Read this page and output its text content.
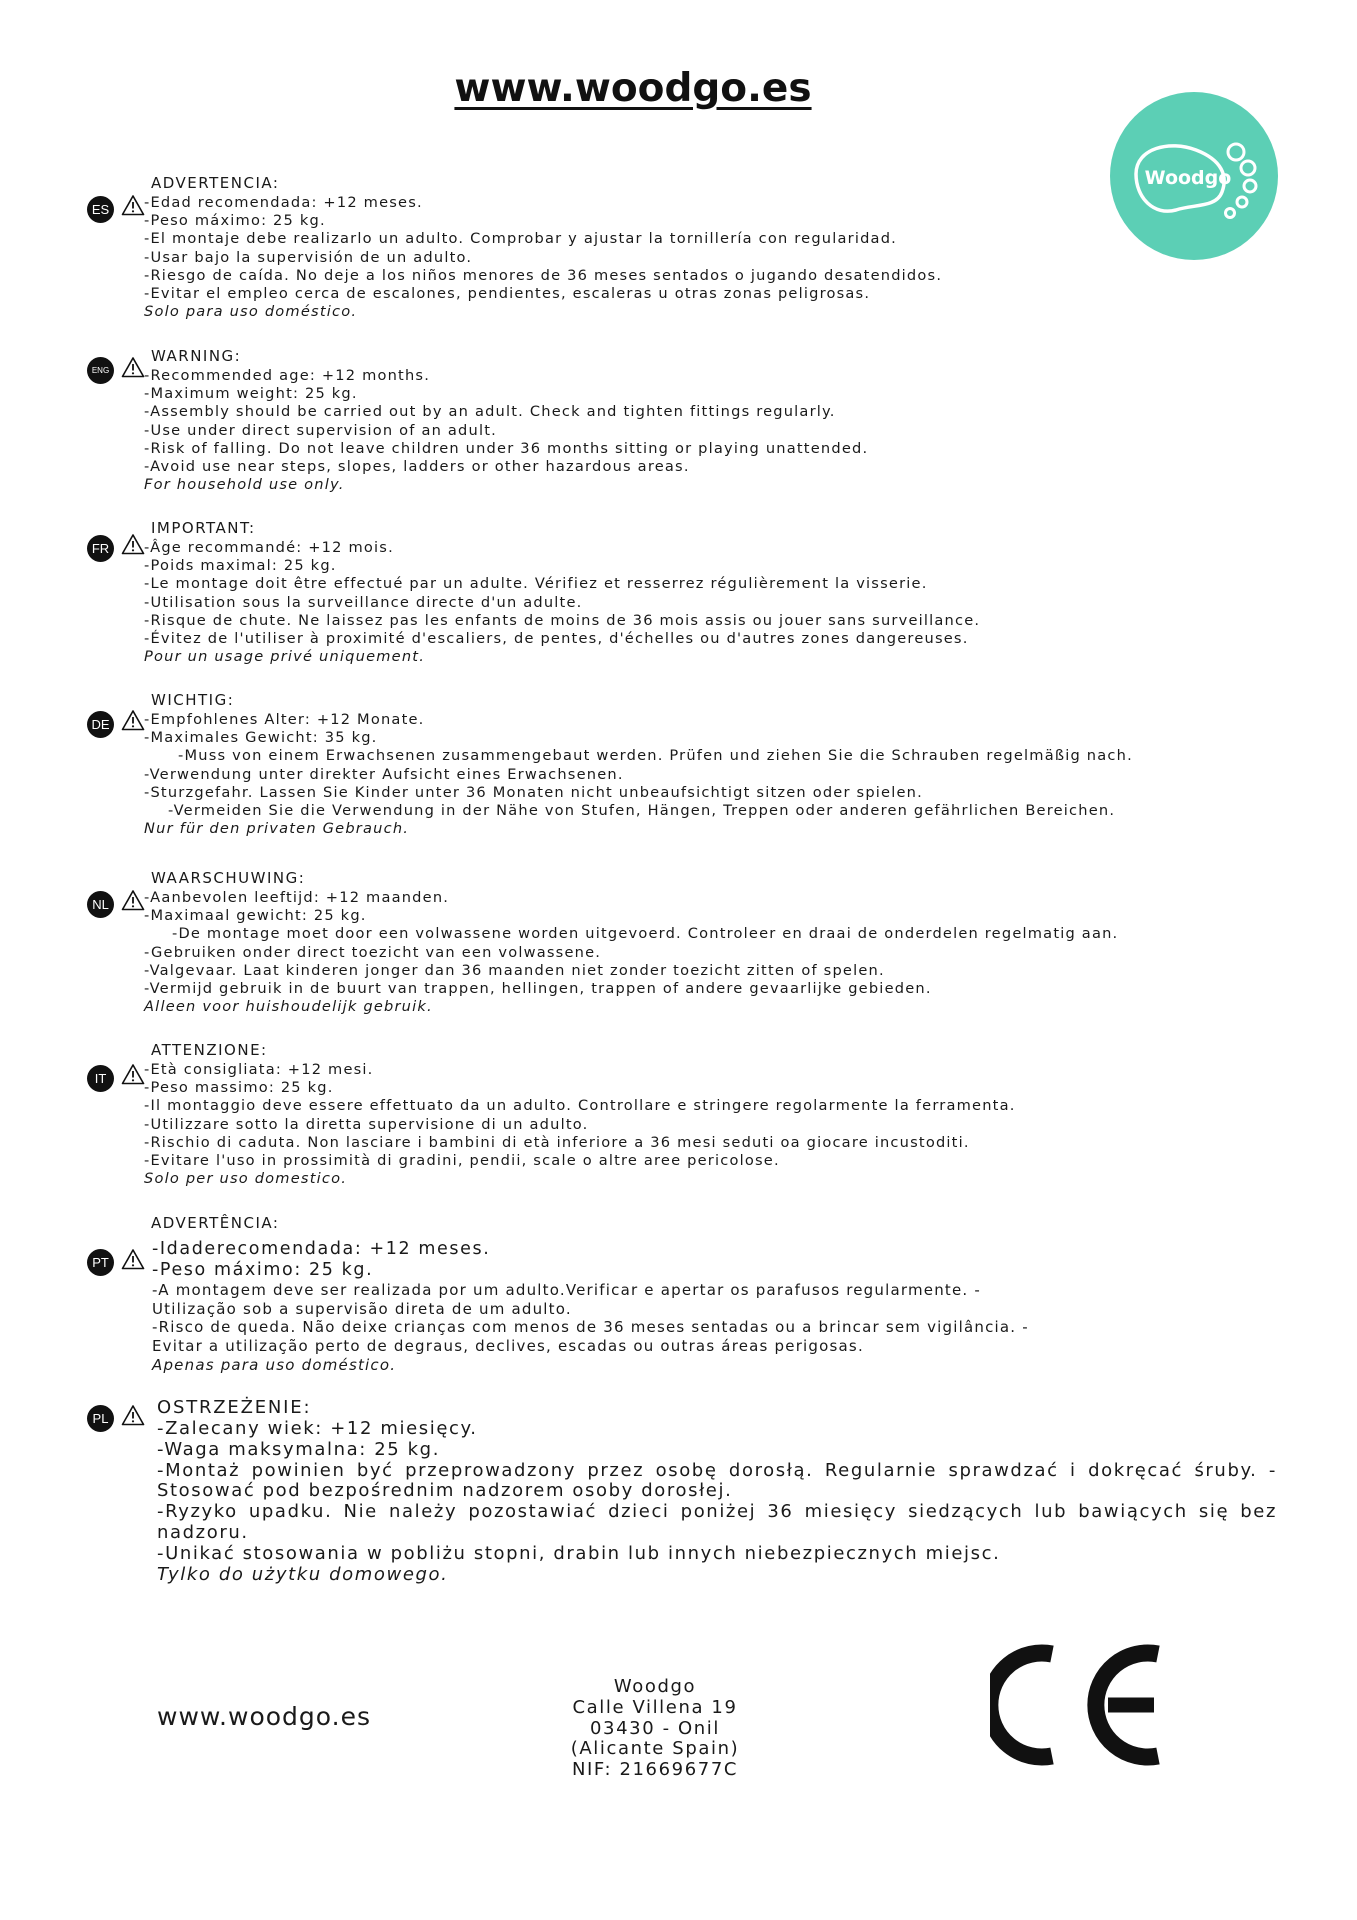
www.woodgo.es
Woodgo
ADVERTENCIA:
ES	-Edad recomendada: +12 meses.
-Peso máximo: 25 kg.
-El montaje debe realizarlo un adulto. Comprobar y ajustar la tornillería con regularidad.
-Usar bajo la supervisión de un adulto.
-Riesgo de caída. No deje a los niños menores de 36 meses sentados o jugando desatendidos.
-Evitar el empleo cerca de escalones, pendientes, escaleras u otras zonas peligrosas.
Solo para uso doméstico.
WARNING:
ENG	-Recommended age: +12 months.
-Maximum weight: 25 kg.
-Assembly should be carried out by an adult. Check and tighten fittings regularly.
-Use under direct supervision of an adult.
-Risk of falling. Do not leave children under 36 months sitting or playing unattended.
-Avoid use near steps, slopes, ladders or other hazardous areas.
For household use only.
IMPORTANT:
FR	-Âge recommandé: +12 mois.
-Poids maximal: 25 kg.
-Le montage doit être effectué par un adulte. Vérifiez et resserrez régulièrement la visserie.
-Utilisation sous la surveillance directe d'un adulte.
-Risque de chute. Ne laissez pas les enfants de moins de 36 mois assis ou jouer sans surveillance.
-Évitez de l'utiliser à proximité d'escaliers, de pentes, d'échelles ou d'autres zones dangereuses.
Pour un usage privé uniquement.
WICHTIG:
DE	-Empfohlenes Alter: +12 Monate.
-Maximales Gewicht: 35 kg.
-Muss von einem Erwachsenen zusammengebaut werden. Prüfen und ziehen Sie die Schrauben regelmäßig nach.
-Verwendung unter direkter Aufsicht eines Erwachsenen.
-Sturzgefahr. Lassen Sie Kinder unter 36 Monaten nicht unbeaufsichtigt sitzen oder spielen.
-Vermeiden Sie die Verwendung in der Nähe von Stufen, Hängen, Treppen oder anderen gefährlichen Bereichen.
Nur für den privaten Gebrauch.
WAARSCHUWING:
NL	-Aanbevolen leeftijd: +12 maanden.
-Maximaal gewicht: 25 kg.
-De montage moet door een volwassene worden uitgevoerd. Controleer en draai de onderdelen regelmatig aan.
-Gebruiken onder direct toezicht van een volwassene.
-Valgevaar. Laat kinderen jonger dan 36 maanden niet zonder toezicht zitten of spelen.
-Vermijd gebruik in de buurt van trappen, hellingen, trappen of andere gevaarlijke gebieden.
Alleen voor huishoudelijk gebruik.
ATTENZIONE:
IT
-Età consigliata: +12 mesi.
-Peso massimo: 25 kg.
-Il montaggio deve essere effettuato da un adulto. Controllare e stringere regolarmente la ferramenta.
-Utilizzare sotto la diretta supervisione di un adulto.
-Rischio di caduta. Non lasciare i bambini di età inferiore a 36 mesi seduti oa giocare incustoditi.
-Evitare l'uso in prossimità di gradini, pendii, scale o altre aree pericolose.
Solo per uso domestico.
ADVERTÊNCIA:
PT
-Idaderecomendada: +12 meses.
-Peso máximo: 25 kg.
-A montagem deve ser realizada por um adulto.Verificar e apertar os parafusos regularmente. -
Utilização sob a supervisão direta de um adulto.
-Risco de queda. Não deixe crianças com menos de 36 meses sentadas ou a brincar sem vigilância. -
Evitar a utilização perto de degraus, declives, escadas ou outras áreas perigosas.
Apenas para uso doméstico.
OSTRZEŻENIE:
PL	-Zalecany wiek: +12 miesięcy.
-Waga maksymalna: 25 kg.
-Montaż powinien być przeprowadzony przez osobę dorosłą. Regularnie sprawdzać i dokręcać śruby. - Stosować pod bezpośrednim nadzorem osoby dorosłej.
-Ryzyko upadku. Nie należy pozostawiać dzieci poniżej 36 miesięcy siedzących lub bawiących się bez nadzoru.
-Unikać stosowania w pobliżu stopni, drabin lub innych niebezpiecznych miejsc.
Tylko do użytku domowego.
www.woodgo.es
Woodgo
Calle Villena 19
03430 - Onil
(Alicante Spain)
NIF: 21669677C
